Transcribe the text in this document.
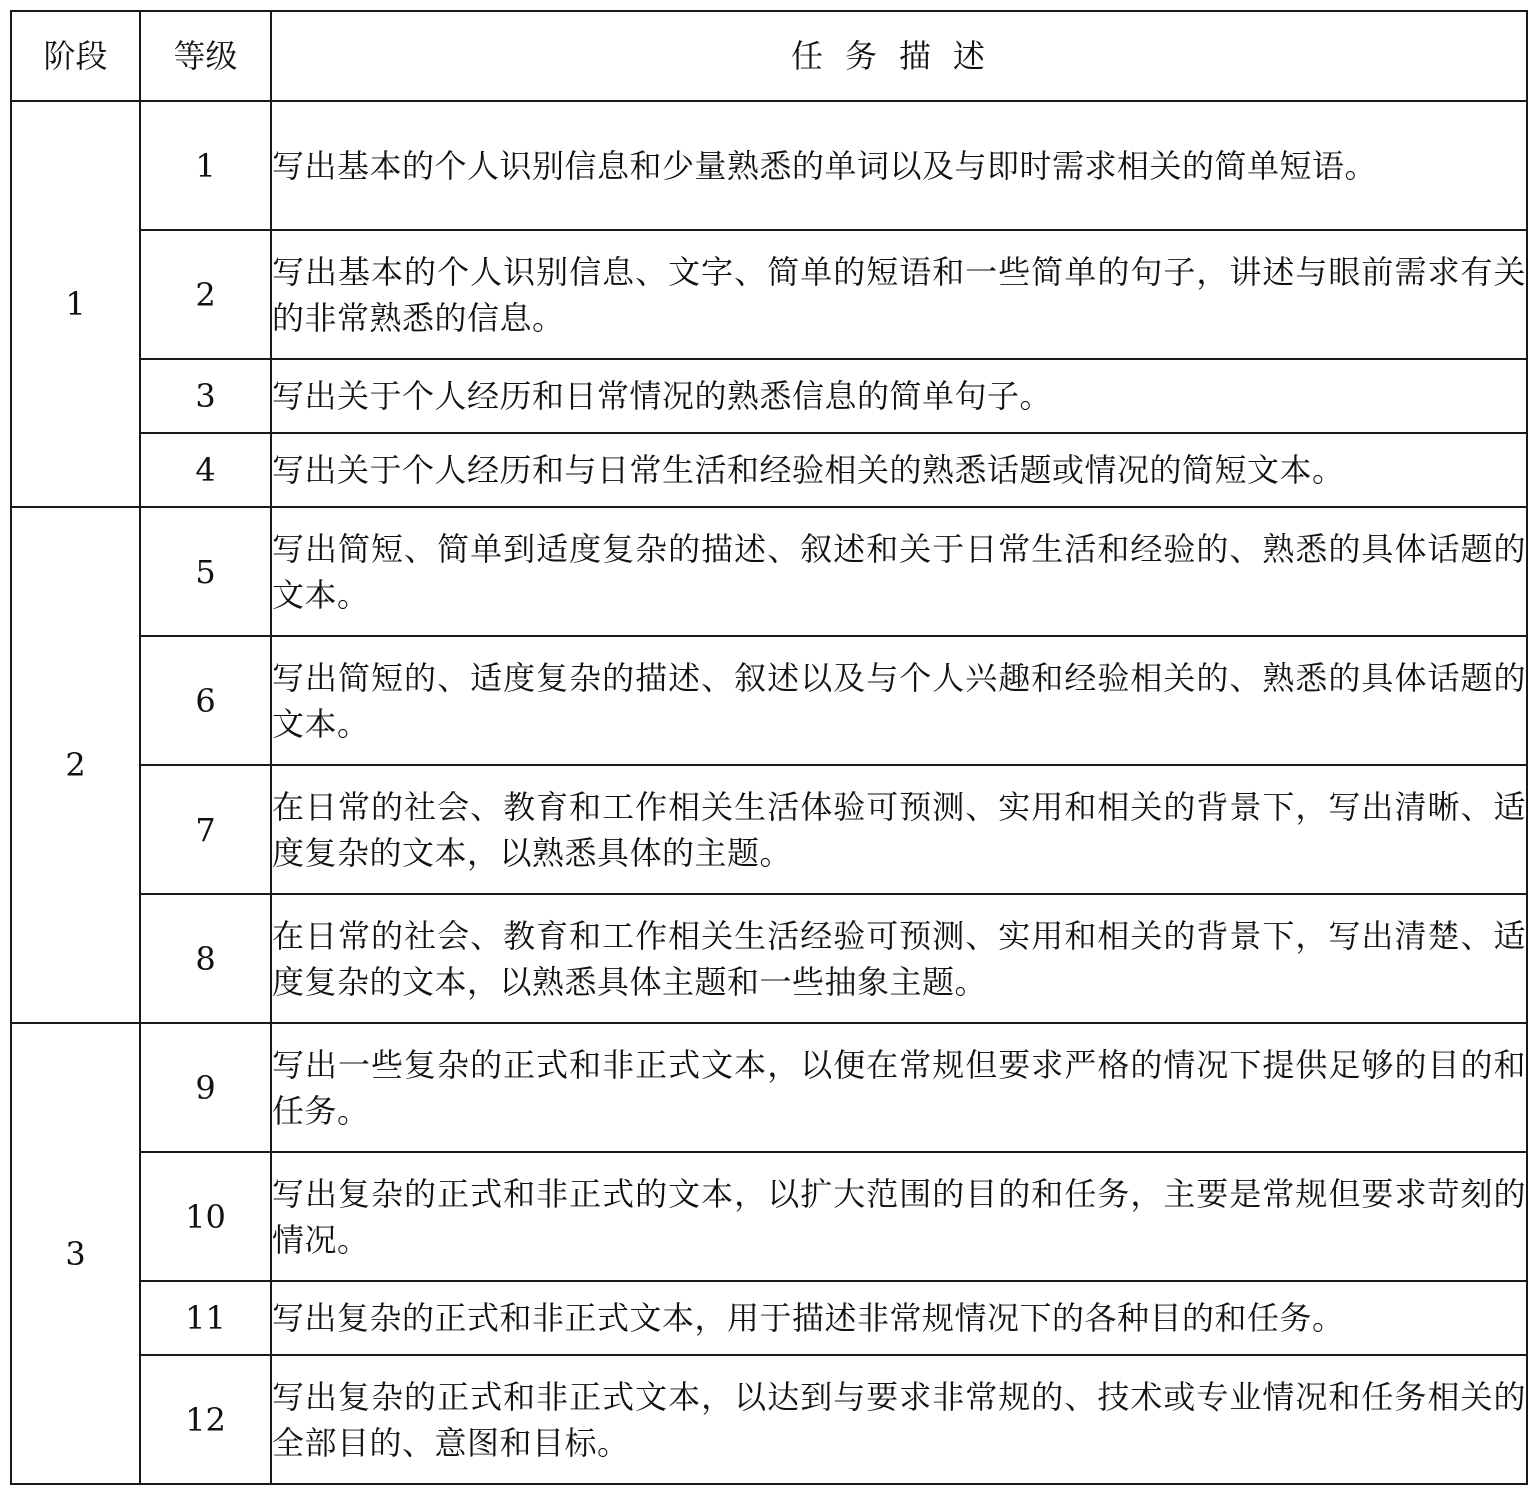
阶段	等级	任务描述
1	1	写出基本的个人识别信息和少量熟悉的单词以及与即时需求相关的简单短语。
	2	写出基本的个人识别信息、文字、简单的短语和一些简单的句子，讲述与眼前需求有关的非常熟悉的信息。
	3	写出关于个人经历和日常情况的熟悉信息的简单句子。
	4	写出关于个人经历和与日常生活和经验相关的熟悉话题或情况的简短文本。
2	5	写出简短、简单到适度复杂的描述、叙述和关于日常生活和经验的、熟悉的具体话题的文本。
	6	写出简短的、适度复杂的描述、叙述以及与个人兴趣和经验相关的、熟悉的具体话题的文本。
	7	在日常的社会、教育和工作相关生活体验可预测、实用和相关的背景下，写出清晰、适度复杂的文本，以熟悉具体的主题。
	8	在日常的社会、教育和工作相关生活经验可预测、实用和相关的背景下，写出清楚、适度复杂的文本，以熟悉具体主题和一些抽象主题。
3	9	写出一些复杂的正式和非正式文本，以便在常规但要求严格的情况下提供足够的目的和任务。
	10	写出复杂的正式和非正式的文本，以扩大范围的目的和任务，主要是常规但要求苛刻的情况。
	11	写出复杂的正式和非正式文本，用于描述非常规情况下的各种目的和任务。
	12	写出复杂的正式和非正式文本，以达到与要求非常规的、技术或专业情况和任务相关的全部目的、意图和目标。
